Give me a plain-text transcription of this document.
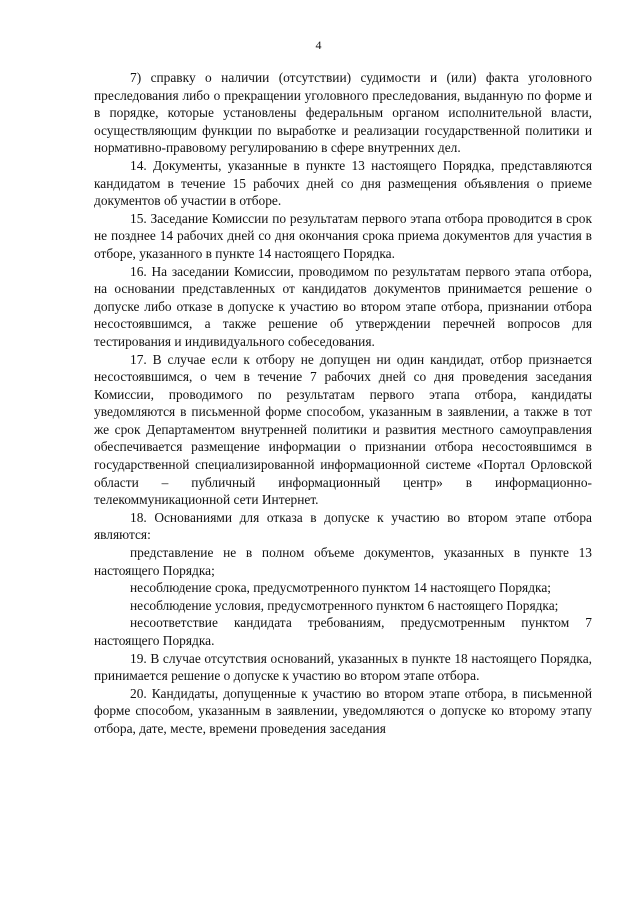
4

7) справку о наличии (отсутствии) судимости и (или) факта уголовного преследования либо о прекращении уголовного преследования, выданную по форме и в порядке, которые установлены федеральным органом исполнительной власти, осуществляющим функции по выработке и реализации государственной политики и нормативно-правовому регулированию в сфере внутренних дел.

14. Документы, указанные в пункте 13 настоящего Порядка, представляются кандидатом в течение 15 рабочих дней со дня размещения объявления о приеме документов об участии в отборе.

15. Заседание Комиссии по результатам первого этапа отбора проводится в срок не позднее 14 рабочих дней со дня окончания срока приема документов для участия в отборе, указанного в пункте 14 настоящего Порядка.

16. На заседании Комиссии, проводимом по результатам первого этапа отбора, на основании представленных от кандидатов документов принимается решение о допуске либо отказе в допуске к участию во втором этапе отбора, признании отбора несостоявшимся, а также решение об утверждении перечней вопросов для тестирования и индивидуального собеседования.

17. В случае если к отбору не допущен ни один кандидат, отбор признается несостоявшимся, о чем в течение 7 рабочих дней со дня проведения заседания Комиссии, проводимого по результатам первого этапа отбора, кандидаты уведомляются в письменной форме способом, указанным в заявлении, а также в тот же срок Департаментом внутренней политики и развития местного самоуправления обеспечивается размещение информации о признании отбора несостоявшимся в государственной специализированной информационной системе «Портал Орловской области – публичный информационный центр» в информационно-телекоммуникационной сети Интернет.

18. Основаниями для отказа в допуске к участию во втором этапе отбора являются:

представление не в полном объеме документов, указанных в пункте 13 настоящего Порядка;

несоблюдение срока, предусмотренного пунктом 14 настоящего Порядка;

несоблюдение условия, предусмотренного пунктом 6 настоящего Порядка;

несоответствие кандидата требованиям, предусмотренным пунктом 7 настоящего Порядка.

19. В случае отсутствия оснований, указанных в пункте 18 настоящего Порядка, принимается решение о допуске к участию во втором этапе отбора.

20. Кандидаты, допущенные к участию во втором этапе отбора, в письменной форме способом, указанным в заявлении, уведомляются о допуске ко второму этапу отбора, дате, месте, времени проведения заседания
